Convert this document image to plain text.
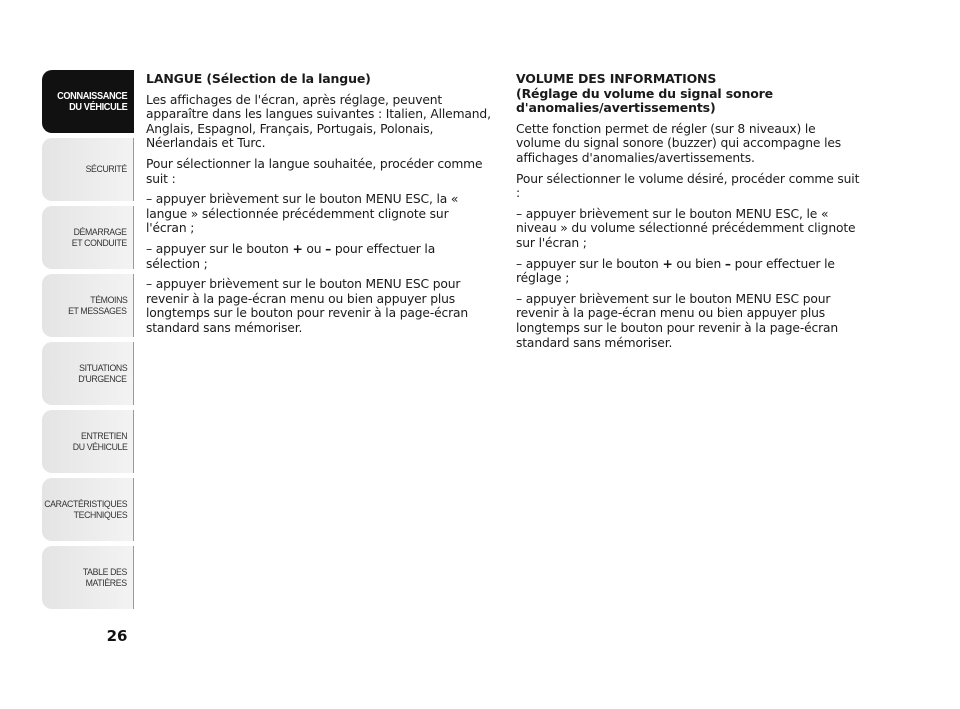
CONNAISSANCE
DU VÉHICULE
SÉCURITÉ
DÉMARRAGE
ET CONDUITE
TÉMOINS
ET MESSAGES
SITUATIONS
D'URGENCE
ENTRETIEN
DU VÉHICULE
CARACTÉRISTIQUES
TECHNIQUES
TABLE DES
MATIÈRES
26
LANGUE (Sélection de la langue)

Les affichages de l'écran, après réglage, peuvent apparaître dans les langues suivantes : Italien, Allemand, Anglais, Espagnol, Français, Portugais, Polonais, Néerlandais et Turc.

Pour sélectionner la langue souhaitée, procéder comme suit :

– appuyer brièvement sur le bouton MENU ESC, la « langue » sélectionnée précédemment clignote sur l'écran ;

– appuyer sur le bouton + ou – pour effectuer la sélection ;

– appuyer brièvement sur le bouton MENU ESC pour revenir à la page-écran menu ou bien appuyer plus longtemps sur le bouton pour revenir à la page-écran standard sans mémoriser.

VOLUME DES INFORMATIONS
(Réglage du volume du signal sonore d'anomalies/avertissements)

Cette fonction permet de régler (sur 8 niveaux) le volume du signal sonore (buzzer) qui accompagne les affichages d'anomalies/avertissements.

Pour sélectionner le volume désiré, procéder comme suit :

– appuyer brièvement sur le bouton MENU ESC, le « niveau » du volume sélectionné précédemment clignote sur l'écran ;

– appuyer sur le bouton + ou bien – pour effectuer le réglage ;

– appuyer brièvement sur le bouton MENU ESC pour revenir à la page-écran menu ou bien appuyer plus longtemps sur le bouton pour revenir à la page-écran standard sans mémoriser.
